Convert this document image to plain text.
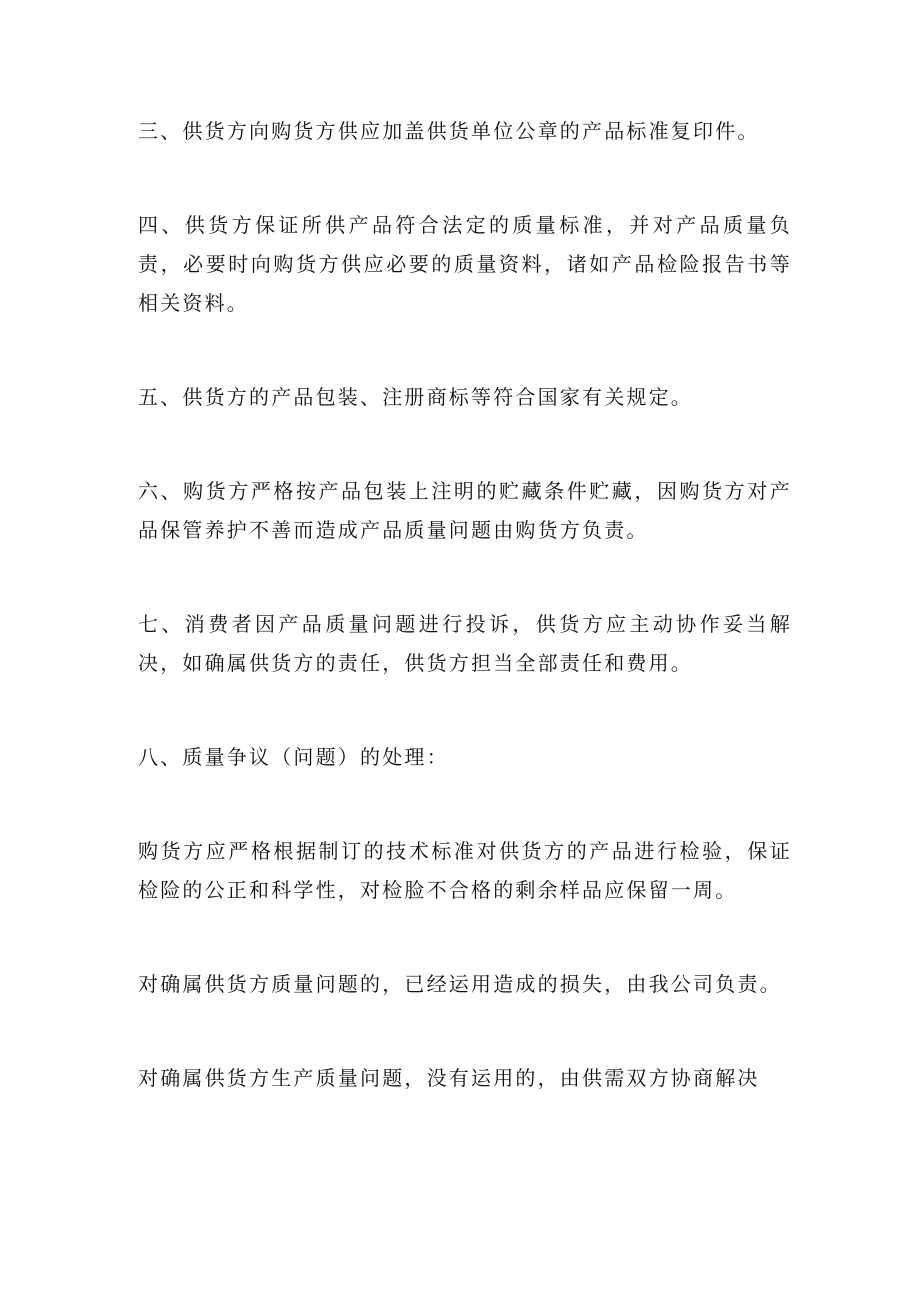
三、供货方向购货方供应加盖供货单位公章的产品标准复印件。

四、供货方保证所供产品符合法定的质量标准，并对产品质量负责，必要时向购货方供应必要的质量资料，诸如产品检险报告书等相关资料。

五、供货方的产品包装、注册商标等符合国家有关规定。

六、购货方严格按产品包装上注明的贮藏条件贮藏，因购货方对产品保管养护不善而造成产品质量问题由购货方负责。

七、消费者因产品质量问题进行投诉，供货方应主动协作妥当解决，如确属供货方的责任，供货方担当全部责任和费用。

八、质量争议（问题）的处理：

购货方应严格根据制订的技术标准对供货方的产品进行检验，保证检险的公正和科学性，对检脸不合格的剩余样品应保留一周。

对确属供货方质量问题的，已经运用造成的损失，由我公司负责。

对确属供货方生产质量问题，没有运用的，由供需双方协商解决
